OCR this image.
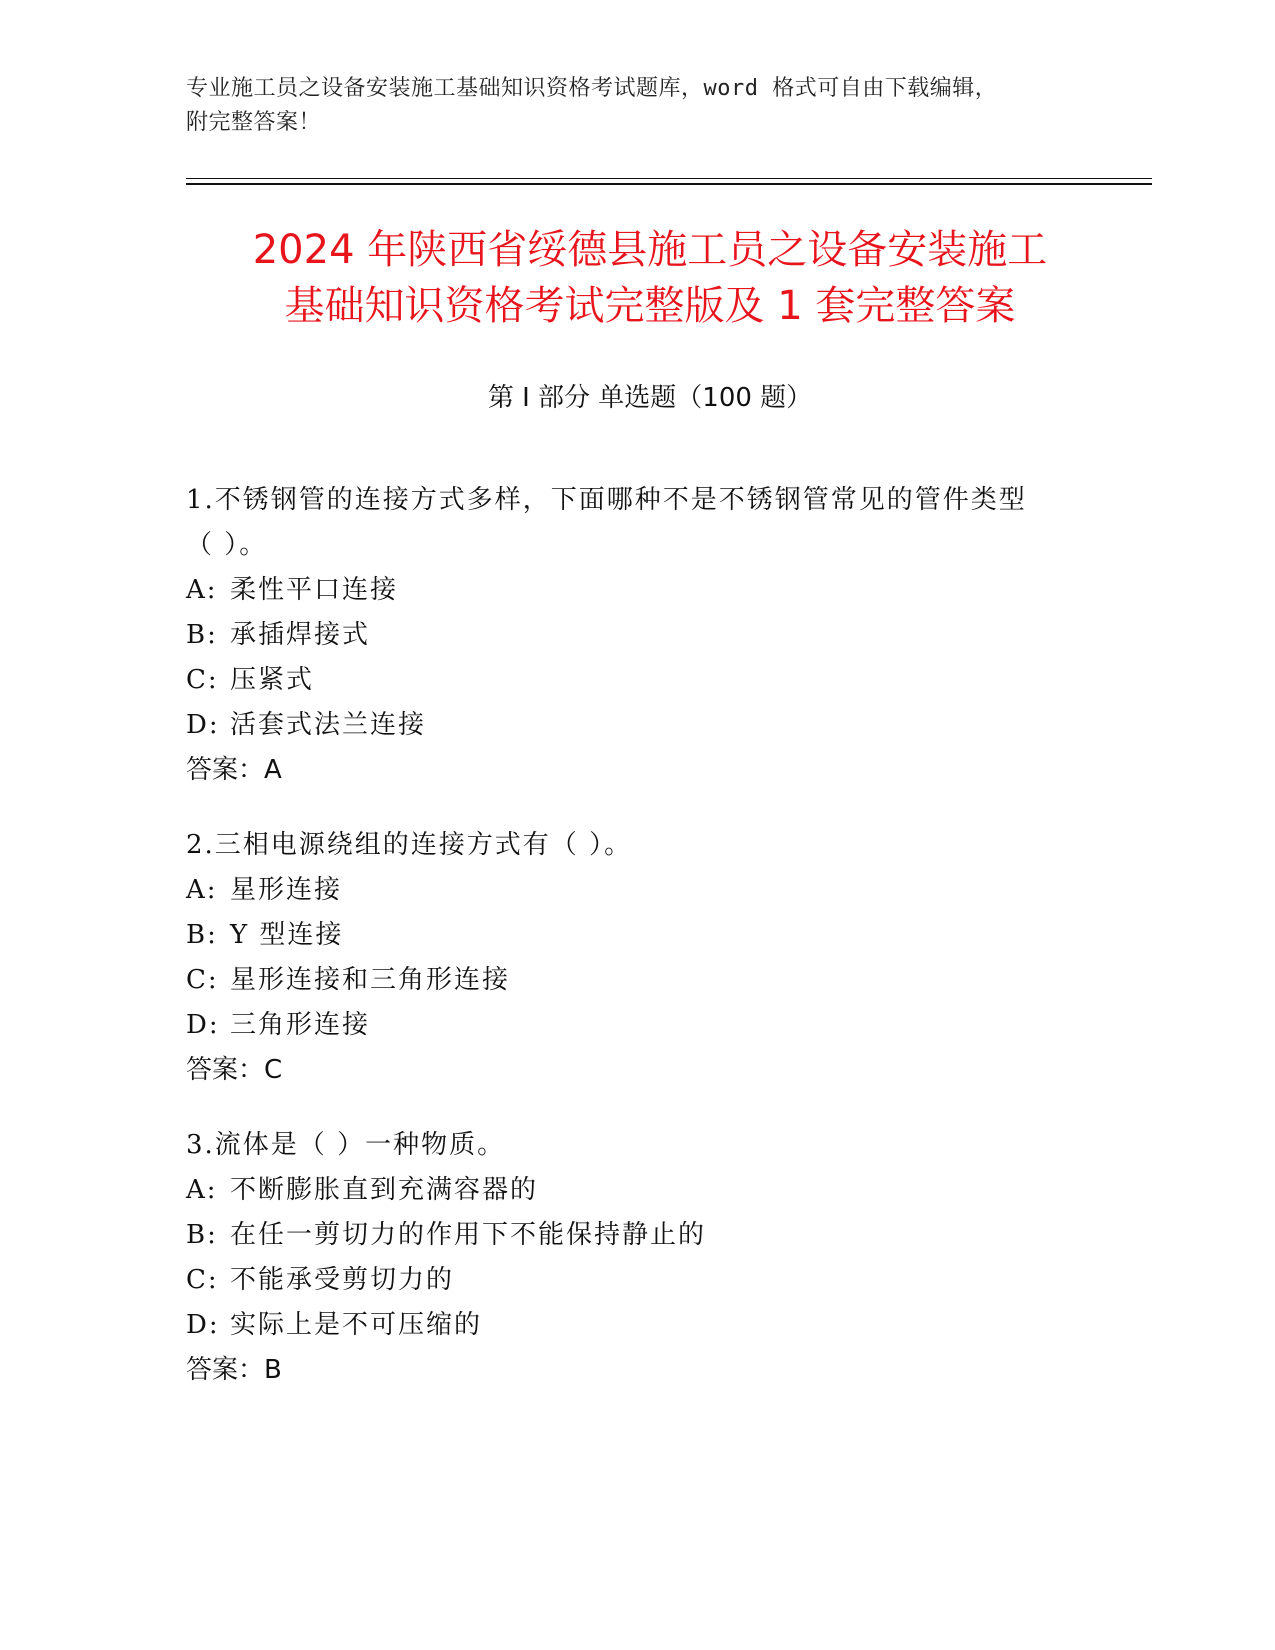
专业施工员之设备安装施工基础知识资格考试题库，word 格式可自由下载编辑，
附完整答案！
2024 年陕西省绥德县施工员之设备安装施工
基础知识资格考试完整版及 1 套完整答案
第 I 部分 单选题（100 题）
1.不锈钢管的连接方式多样，下面哪种不是不锈钢管常见的管件类型
（ ）。
A: 柔性平口连接
B: 承插焊接式
C: 压紧式
D: 活套式法兰连接
答案：A
2.三相电源绕组的连接方式有（ ）。
A: 星形连接
B: Y 型连接
C: 星形连接和三角形连接
D: 三角形连接
答案：C
3.流体是（ ）一种物质。
A: 不断膨胀直到充满容器的
B: 在任一剪切力的作用下不能保持静止的
C: 不能承受剪切力的
D: 实际上是不可压缩的
答案：B
